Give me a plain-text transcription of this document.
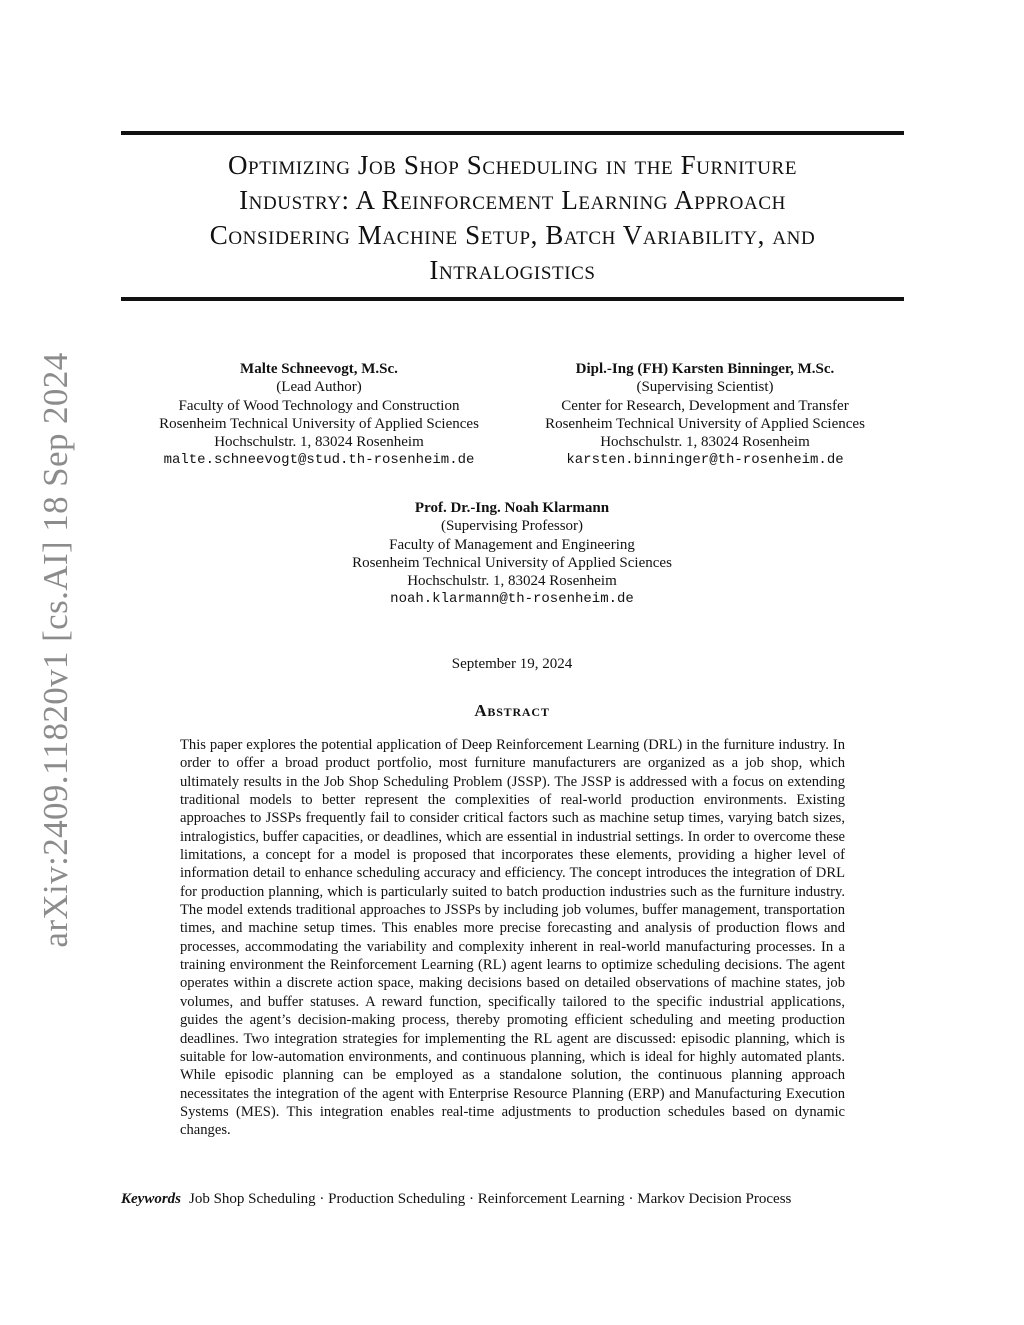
arXiv:2409.11820v1 [cs.AI] 18 Sep 2024
Optimizing Job Shop Scheduling in the Furniture
Industry: A Reinforcement Learning Approach
Considering Machine Setup, Batch Variability, and
Intralogistics
Malte Schneevogt, M.Sc.
(Lead Author)
Faculty of Wood Technology and Construction
Rosenheim Technical University of Applied Sciences
Hochschulstr. 1, 83024 Rosenheim
malte.schneevogt@stud.th-rosenheim.de
Dipl.-Ing (FH) Karsten Binninger, M.Sc.
(Supervising Scientist)
Center for Research, Development and Transfer
Rosenheim Technical University of Applied Sciences
Hochschulstr. 1, 83024 Rosenheim
karsten.binninger@th-rosenheim.de
Prof. Dr.-Ing. Noah Klarmann
(Supervising Professor)
Faculty of Management and Engineering
Rosenheim Technical University of Applied Sciences
Hochschulstr. 1, 83024 Rosenheim
noah.klarmann@th-rosenheim.de
September 19, 2024
Abstract

This paper explores the potential application of Deep Reinforcement Learning (DRL) in the furniture industry. In order to offer a broad product portfolio, most furniture manufacturers are organized as a job shop, which ultimately results in the Job Shop Scheduling Problem (JSSP). The JSSP is addressed with a focus on extending traditional models to better represent the complexities of real-world production environments. Existing approaches to JSSPs frequently fail to consider critical factors such as machine setup times, varying batch sizes, intralogistics, buffer capacities, or deadlines, which are essential in industrial settings. In order to overcome these limitations, a concept for a model is proposed that incorporates these elements, providing a higher level of information detail to enhance scheduling accuracy and efficiency. The concept introduces the integration of DRL for production planning, which is particularly suited to batch production industries such as the furniture industry. The model extends traditional approaches to JSSPs by including job volumes, buffer management, transportation times, and machine setup times. This enables more precise forecasting and analysis of production flows and processes, accommodating the variability and complexity inherent in real-world manufacturing processes. In a training environment the Reinforcement Learning (RL) agent learns to optimize scheduling decisions. The agent operates within a discrete action space, making decisions based on detailed observations of machine states, job volumes, and buffer statuses. A reward function, specifically tailored to the specific industrial applications, guides the agent’s decision-making process, thereby promoting efficient scheduling and meeting production deadlines. Two integration strategies for implementing the RL agent are discussed: episodic planning, which is suitable for low-automation environments, and continuous planning, which is ideal for highly automated plants. While episodic planning can be employed as a standalone solution, the continuous planning approach necessitates the integration of the agent with Enterprise Resource Planning (ERP) and Manufacturing Execution Systems (MES). This integration enables real-time adjustments to production schedules based on dynamic changes.

Keywords Job Shop Scheduling · Production Scheduling · Reinforcement Learning · Markov Decision Process
